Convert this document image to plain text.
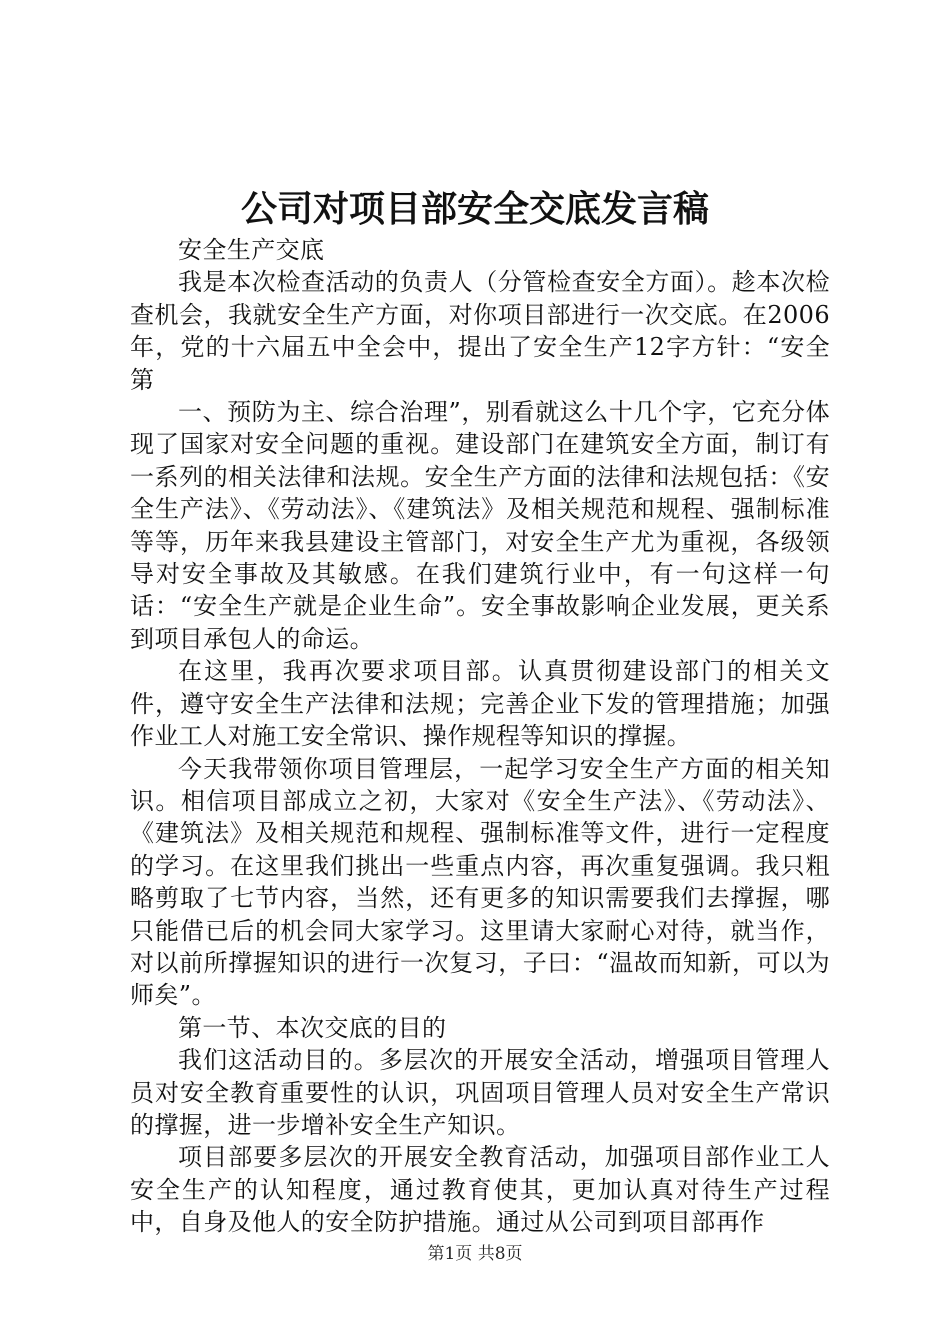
公司对项目部安全交底发言稿

安全生产交底

我是本次检查活动的负责人（分管检查安全方面）。趁本次检查机会，我就安全生产方面，对你项目部进行一次交底。在2006年，党的十六届五中全会中，提出了安全生产12字方针：“安全第

一、预防为主、综合治理”，别看就这么十几个字，它充分体现了国家对安全问题的重视。建设部门在建筑安全方面，制订有一系列的相关法律和法规。安全生产方面的法律和法规包括：《安全生产法》、《劳动法》、《建筑法》及相关规范和规程、强制标准等等，历年来我县建设主管部门，对安全生产尤为重视，各级领导对安全事故及其敏感。在我们建筑行业中，有一句这样一句话：“安全生产就是企业生命”。安全事故影响企业发展，更关系到项目承包人的命运。

在这里，我再次要求项目部。认真贯彻建设部门的相关文件，遵守安全生产法律和法规；完善企业下发的管理措施；加强作业工人对施工安全常识、操作规程等知识的撑握。

今天我带领你项目管理层，一起学习安全生产方面的相关知识。相信项目部成立之初，大家对《安全生产法》、《劳动法》、《建筑法》及相关规范和规程、强制标准等文件，进行一定程度的学习。在这里我们挑出一些重点内容，再次重复强调。我只粗略剪取了七节内容，当然，还有更多的知识需要我们去撑握，哪只能借已后的机会同大家学习。这里请大家耐心对待，就当作，对以前所撑握知识的进行一次复习，子曰：“温故而知新，可以为师矣”。

第一节、本次交底的目的

我们这活动目的。多层次的开展安全活动，增强项目管理人员对安全教育重要性的认识，巩固项目管理人员对安全生产常识的撑握，进一步增补安全生产知识。

项目部要多层次的开展安全教育活动，加强项目部作业工人安全生产的认知程度，通过教育使其，更加认真对待生产过程中，自身及他人的安全防护措施。通过从公司到项目部再作

第1页 共8页
